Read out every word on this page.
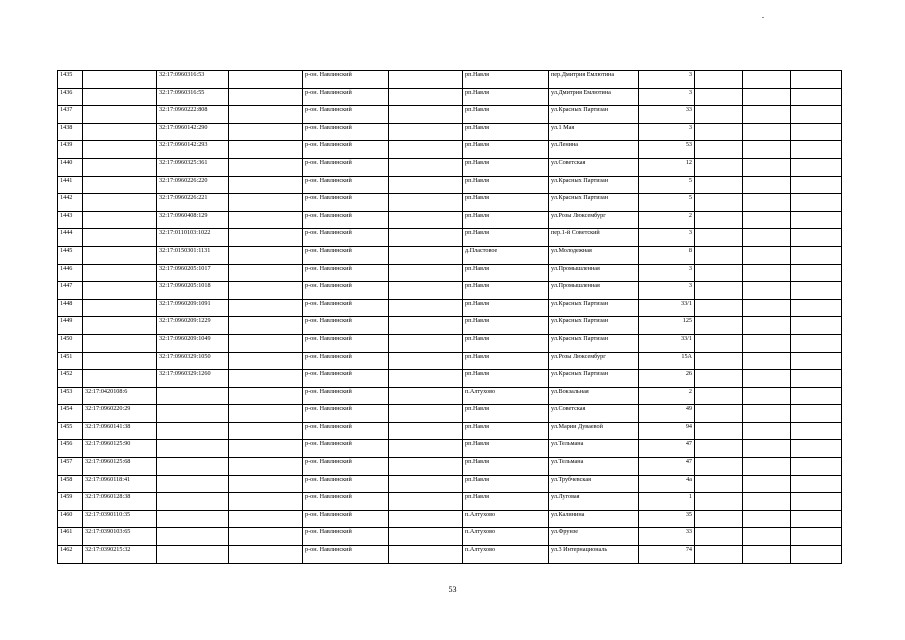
1435		32:17:0960316:53		р-он. Навлинский		рп.Навля	пер.Дмитрия Емлютина	3			
1436		32:17:0960316:55		р-он. Навлинский		рп.Навля	ул.Дмитрия Емлютина	3			
1437		32:17:0960222:808		р-он. Навлинский		рп.Навля	ул.Красных Партизан	33			
1438		32:17:0960142:290		р-он. Навлинский		рп.Навля	ул.1 Мая	3			
1439		32:17:0960142:293		р-он. Навлинский		рп.Навля	ул.Ленина	53			
1440		32:17:0960325:361		р-он. Навлинский		рп.Навля	ул.Советская	12			
1441		32:17:0960226:220		р-он. Навлинский		рп.Навля	ул.Красных Партизан	5			
1442		32:17:0960226:221		р-он. Навлинский		рп.Навля	ул.Красных Партизан	5			
1443		32:17:0960408:129		р-он. Навлинский		рп.Навля	ул.Розы Люксембург	2			
1444		32:17:0110103:1022		р-он. Навлинский		рп.Навля	пер.1-й Советский	3			
1445		32:17:0150301:1131		р-он. Навлинский		д.Пластовое	ул.Молодежная	8			
1446		32:17:0960205:1017		р-он. Навлинский		рп.Навля	ул.Промышленная	3			
1447		32:17:0960205:1018		р-он. Навлинский		рп.Навля	ул.Промышленная	3			
1448		32:17:0960209:1091		р-он. Навлинский		рп.Навля	ул.Красных Партизан	33/1			
1449		32:17:0960209:1229		р-он. Навлинский		рп.Навля	ул.Красных Партизан	125			
1450		32:17:0960209:1049		р-он. Навлинский		рп.Навля	ул.Красных Партизан	33/1			
1451		32:17:0960329:1050		р-он. Навлинский		рп.Навля	ул.Розы Люксембург	15А			
1452		32:17:0960329:1260		р-он. Навлинский		рп.Навля	ул.Красных Партизан	26			
1453	32:17:0420108:6			р-он. Навлинский		п.Алтухово	ул.Вокзальная	2			
1454	32:17:0960220:29			р-он. Навлинский		рп.Навля	ул.Советская	49			
1455	32:17:0960141:38			р-он. Навлинский		рп.Навля	ул.Марии Дуваевой	94			
1456	32:17:0960125:90			р-он. Навлинский		рп.Навля	ул.Тельмана	47			
1457	32:17:0960125:68			р-он. Навлинский		рп.Навля	ул.Тельмана	47			
1458	32:17:0960118:41			р-он. Навлинский		рп.Навля	ул.Трубчевская	4а			
1459	32:17:0960128:38			р-он. Навлинский		рп.Навля	ул.Луговая	1			
1460	32:17:0390110:35			р-он. Навлинский		п.Алтухово	ул.Калинина	35			
1461	32:17:0390103:65			р-он. Навлинский		п.Алтухово	ул.Фрунзе	33			
1462	32:17:0390215:32			р-он. Навлинский		п.Алтухово	ул.3 Интернациональ	74			
53
